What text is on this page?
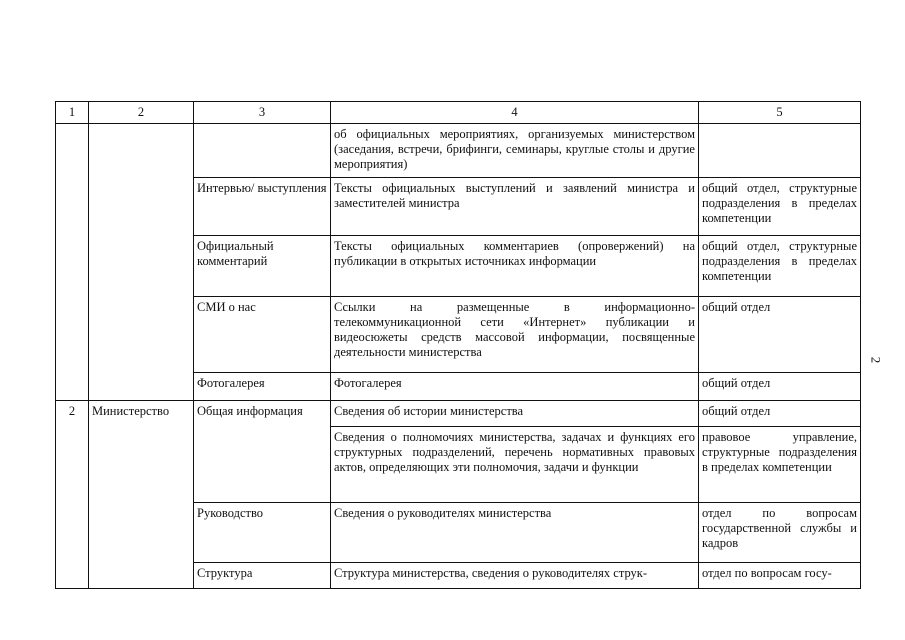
1	2	3	4	5
			об официальных мероприятиях, организуемых министерством (заседания, встречи, брифинги, семинары, круглые столы и другие мероприятия)	
		Интервью/ выступления	Тексты официальных выступлений и заявлений министра и заместителей министра	общий отдел, структурные подразделения в пределах компетенции
		Официальный комментарий	Тексты официальных комментариев (опровержений) на публикации в открытых источниках информации	общий отдел, структурные подразделения в пределах компетенции
		СМИ о нас	Ссылки на размещенные в информационно-телекоммуникационной сети «Интернет» публикации и видеосюжеты средств массовой информации, посвященные деятельности министерства	общий отдел
		Фотогалерея	Фотогалерея	общий отдел
2	Министерство	Общая информация	Сведения об истории министерства	общий отдел
			Сведения о полномочиях министерства, задачах и функциях его структурных подразделений, перечень нормативных правовых актов, определяющих эти полномочия, задачи и функции	правовое управление, структурные подразделения в пределах компетенции
		Руководство	Сведения о руководителях министерства	отдел по вопросам государственной службы и кадров
		Структура	Структура министерства, сведения о руководителях струк-	отдел по вопросам госу-
2
